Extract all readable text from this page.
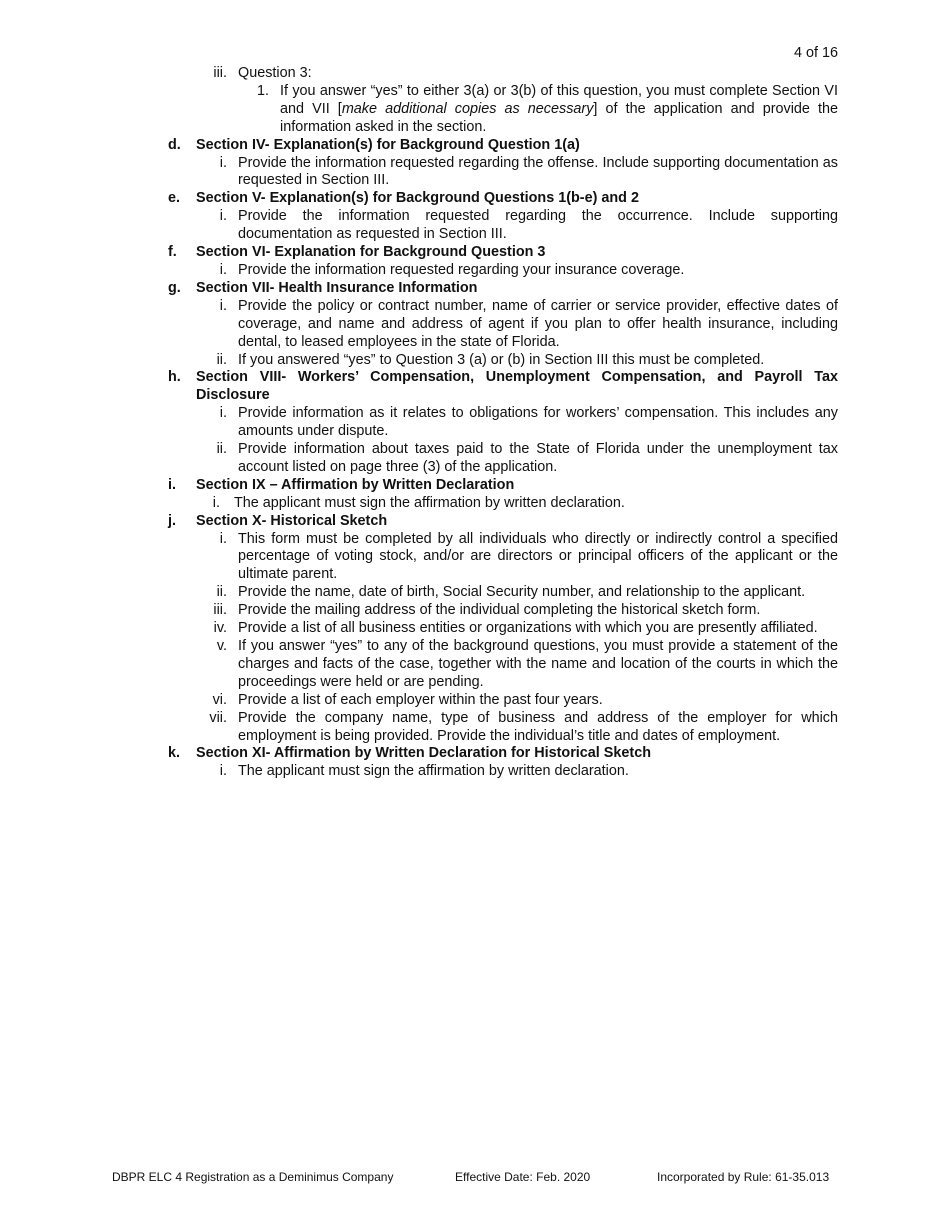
4 of 16
iii. Question 3:
1. If you answer “yes” to either 3(a) or 3(b) of this question, you must complete Section VI and VII [make additional copies as necessary] of the application and provide the information asked in the section.
d. Section IV- Explanation(s) for Background Question 1(a)
i. Provide the information requested regarding the offense. Include supporting documentation as requested in Section III.
e. Section V- Explanation(s) for Background Questions 1(b-e) and 2
i. Provide the information requested regarding the occurrence. Include supporting documentation as requested in Section III.
f. Section VI- Explanation for Background Question 3
i. Provide the information requested regarding your insurance coverage.
g. Section VII- Health Insurance Information
i. Provide the policy or contract number, name of carrier or service provider, effective dates of coverage, and name and address of agent if you plan to offer health insurance, including dental, to leased employees in the state of Florida.
ii. If you answered “yes” to Question 3 (a) or (b) in Section III this must be completed.
h. Section VIII- Workers’ Compensation, Unemployment Compensation, and Payroll Tax Disclosure
i. Provide information as it relates to obligations for workers’ compensation. This includes any amounts under dispute.
ii. Provide information about taxes paid to the State of Florida under the unemployment tax account listed on page three (3) of the application.
i. Section IX – Affirmation by Written Declaration
i. The applicant must sign the affirmation by written declaration.
j. Section X- Historical Sketch
i. This form must be completed by all individuals who directly or indirectly control a specified percentage of voting stock, and/or are directors or principal officers of the applicant or the ultimate parent.
ii. Provide the name, date of birth, Social Security number, and relationship to the applicant.
iii. Provide the mailing address of the individual completing the historical sketch form.
iv. Provide a list of all business entities or organizations with which you are presently affiliated.
v. If you answer “yes” to any of the background questions, you must provide a statement of the charges and facts of the case, together with the name and location of the courts in which the proceedings were held or are pending.
vi. Provide a list of each employer within the past four years.
vii. Provide the company name, type of business and address of the employer for which employment is being provided. Provide the individual’s title and dates of employment.
k. Section XI- Affirmation by Written Declaration for Historical Sketch
i. The applicant must sign the affirmation by written declaration.
DBPR ELC 4 Registration as a Deminimus Company	Effective Date: Feb. 2020	Incorporated by Rule: 61-35.013
